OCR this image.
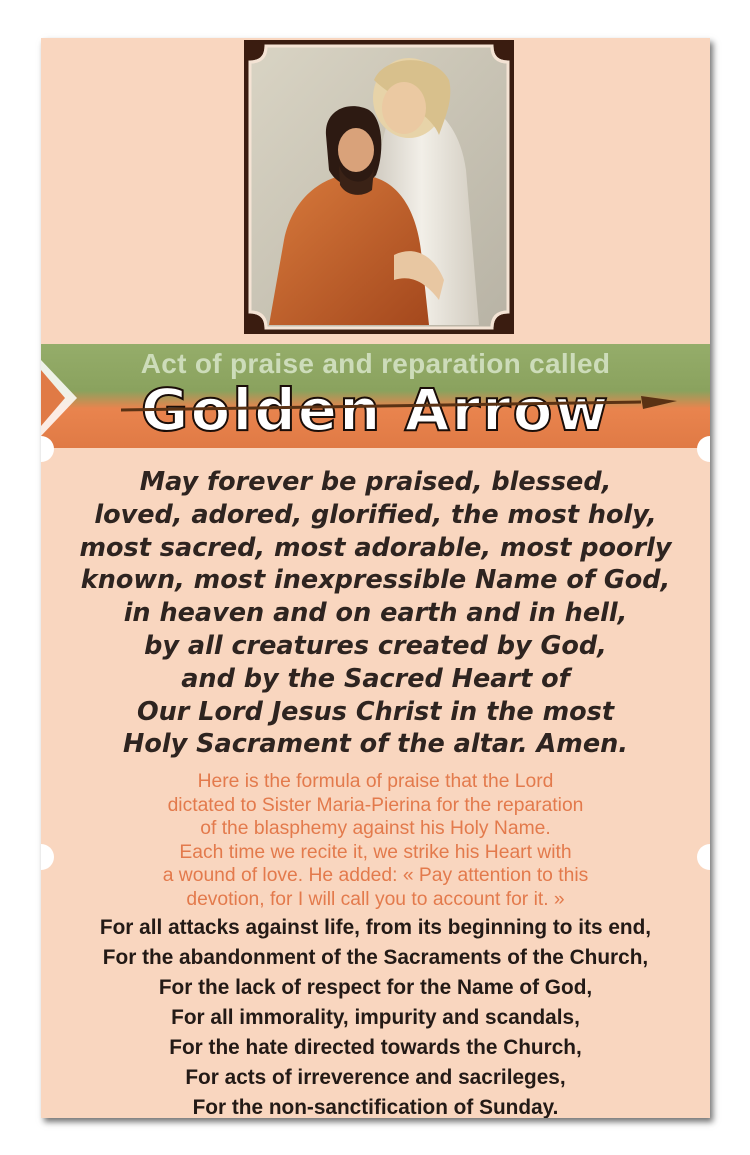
Act of praise and reparation called
Golden Arrow

May forever be praised, blessed,
loved, adored, glorified, the most holy,
most sacred, most adorable, most poorly
known, most inexpressible Name of God,
in heaven and on earth and in hell,
by all creatures created by God,
and by the Sacred Heart of
Our Lord Jesus Christ in the most
Holy Sacrament of the altar. Amen.

Here is the formula of praise that the Lord
dictated to Sister Maria-Pierina for the reparation
of the blasphemy against his Holy Name.
Each time we recite it, we strike his Heart with
a wound of love. He added: « Pay attention to this
devotion, for I will call you to account for it. »

For all attacks against life, from its beginning to its end,
For the abandonment of the Sacraments of the Church,
For the lack of respect for the Name of God,
For all immorality, impurity and scandals,
For the hate directed towards the Church,
For acts of irreverence and sacrileges,
For the non-sanctification of Sunday.
